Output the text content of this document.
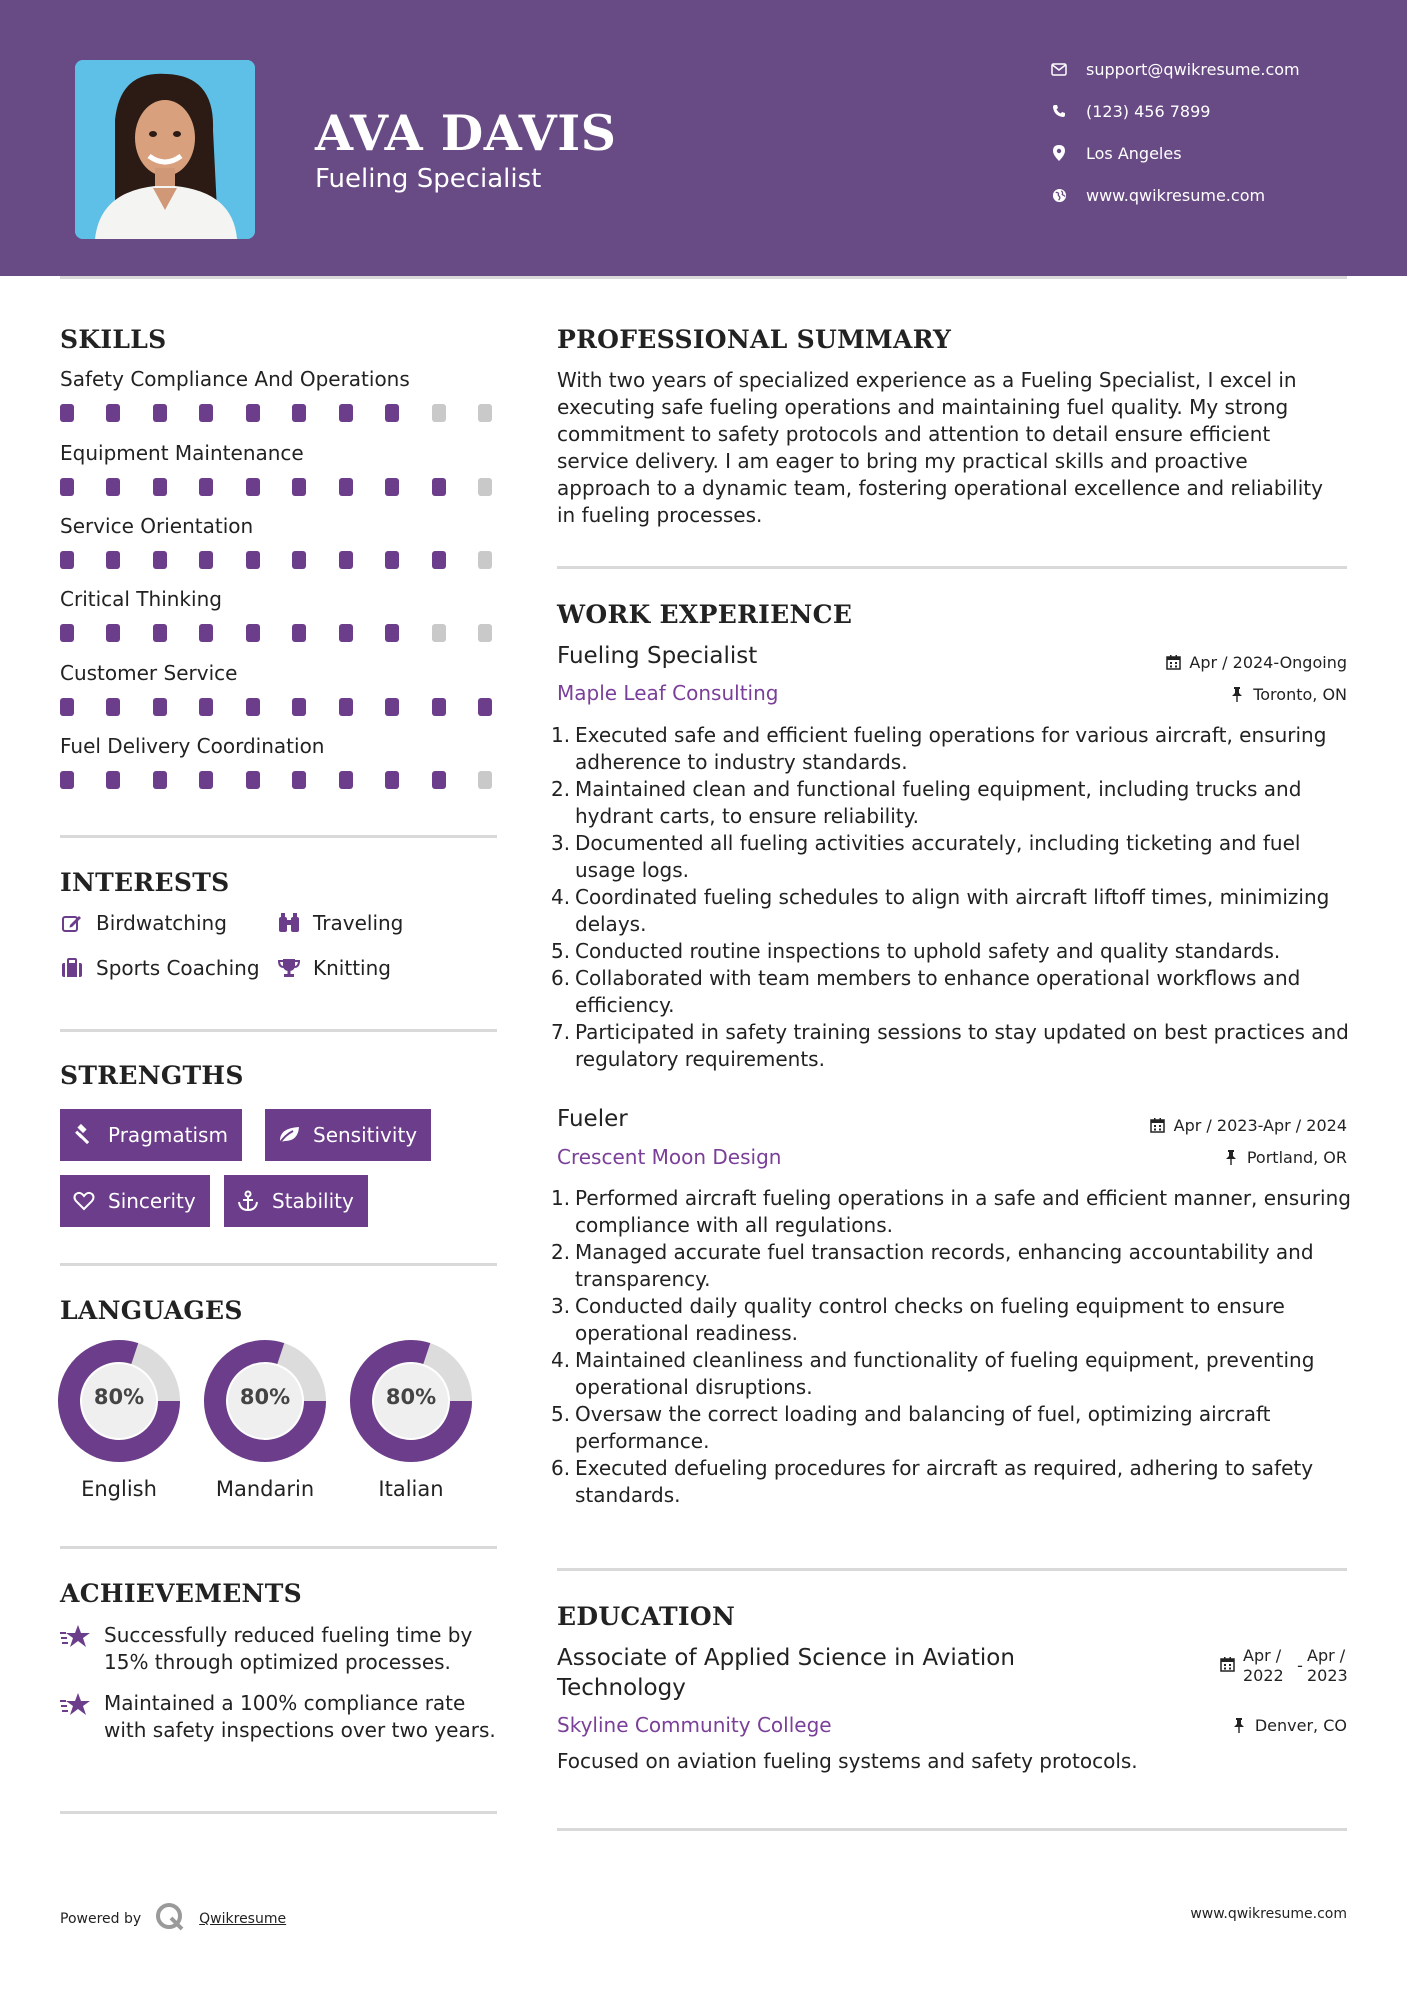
AVA DAVIS
Fueling Specialist
support@qwikresume.com
(123) 456 7899
Los Angeles
www.qwikresume.com
SKILLS
Safety Compliance And Operations
Equipment Maintenance
Service Orientation
Critical Thinking
Customer Service
Fuel Delivery Coordination
INTERESTS
Birdwatching	Traveling
Sports Coaching	Knitting
STRENGTHS
Pragmatism	Sensitivity
Sincerity	Stability
LANGUAGES
80%
English
80%
Mandarin
80%
Italian
ACHIEVEMENTS
Successfully reduced fueling time by 15% through optimized processes.
Maintained a 100% compliance rate with safety inspections over two years.
PROFESSIONAL SUMMARY
With two years of specialized experience as a Fueling Specialist, I excel in executing safe fueling operations and maintaining fuel quality. My strong commitment to safety protocols and attention to detail ensure efficient service delivery. I am eager to bring my practical skills and proactive approach to a dynamic team, fostering operational excellence and reliability in fueling processes.
WORK EXPERIENCE
Fueling Specialist	Apr / 2024-Ongoing
Maple Leaf Consulting	Toronto, ON
1. Executed safe and efficient fueling operations for various aircraft, ensuring adherence to industry standards.
2. Maintained clean and functional fueling equipment, including trucks and hydrant carts, to ensure reliability.
3. Documented all fueling activities accurately, including ticketing and fuel usage logs.
4. Coordinated fueling schedules to align with aircraft liftoff times, minimizing delays.
5. Conducted routine inspections to uphold safety and quality standards.
6. Collaborated with team members to enhance operational workflows and efficiency.
7. Participated in safety training sessions to stay updated on best practices and regulatory requirements.
Fueler	Apr / 2023-Apr / 2024
Crescent Moon Design	Portland, OR
1. Performed aircraft fueling operations in a safe and efficient manner, ensuring compliance with all regulations.
2. Managed accurate fuel transaction records, enhancing accountability and transparency.
3. Conducted daily quality control checks on fueling equipment to ensure operational readiness.
4. Maintained cleanliness and functionality of fueling equipment, preventing operational disruptions.
5. Oversaw the correct loading and balancing of fuel, optimizing aircraft performance.
6. Executed defueling procedures for aircraft as required, adhering to safety standards.
EDUCATION
Associate of Applied Science in Aviation Technology
Apr /
2022
-
Apr /
2023
Skyline Community College	Denver, CO
Focused on aviation fueling systems and safety protocols.
Powered by	Qwikresume	www.qwikresume.com
